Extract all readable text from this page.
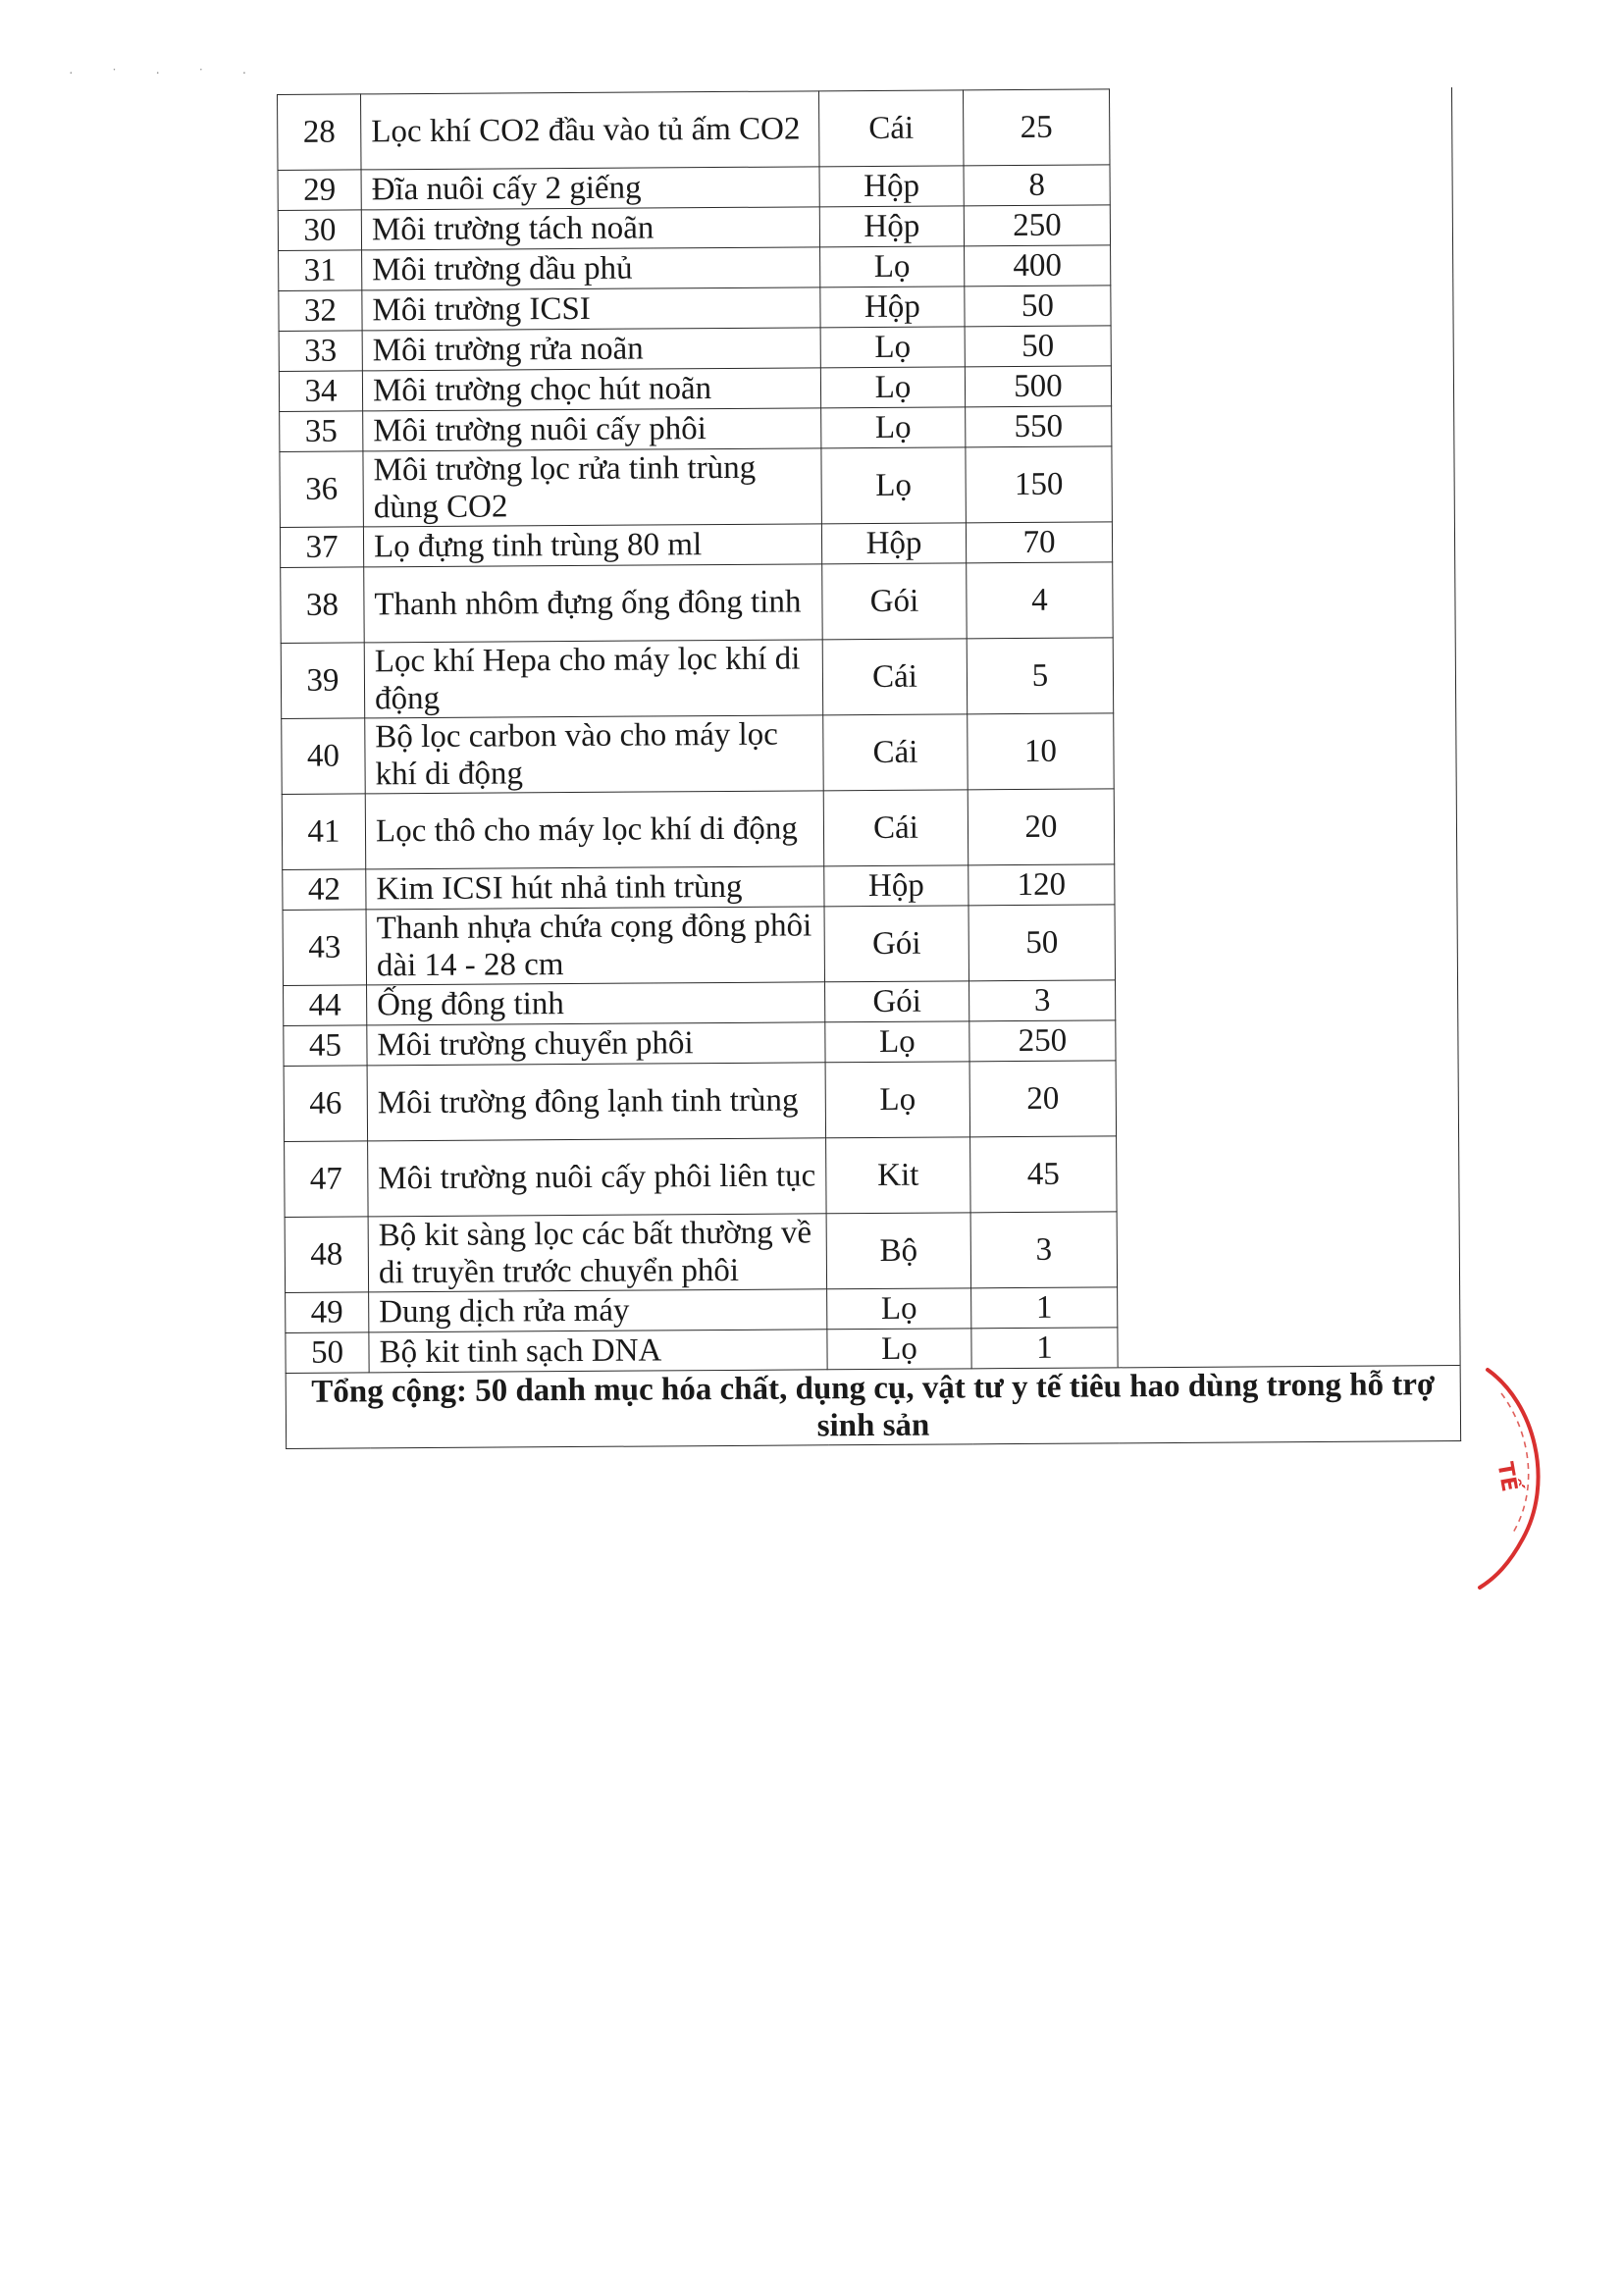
· ˙ · ˙ ·
28	Lọc khí CO2 đầu vào tủ ấm CO2	Cái	25	
29	Đĩa nuôi cấy 2 giếng	Hộp	8	
30	Môi trường tách noãn	Hộp	250	
31	Môi trường dầu phủ	Lọ	400	
32	Môi trường ICSI	Hộp	50	
33	Môi trường rửa noãn	Lọ	50	
34	Môi trường chọc hút noãn	Lọ	500	
35	Môi trường nuôi cấy phôi	Lọ	550	
36	Môi trường lọc rửa tinh trùng dùng CO2	Lọ	150	
37	Lọ đựng tinh trùng 80 ml	Hộp	70	
38	Thanh nhôm đựng ống đông tinh	Gói	4	
39	Lọc khí Hepa cho máy lọc khí di động	Cái	5	
40	Bộ lọc carbon vào cho máy lọc khí di động	Cái	10	
41	Lọc thô cho máy lọc khí di động	Cái	20	
42	Kim ICSI hút nhả tinh trùng	Hộp	120	
43	Thanh nhựa chứa cọng đông phôi dài 14 - 28 cm	Gói	50	
44	Ống đông tinh	Gói	3	
45	Môi trường chuyển phôi	Lọ	250	
46	Môi trường đông lạnh tinh trùng	Lọ	20	
47	Môi trường nuôi cấy phôi liên tục	Kit	45	
48	Bộ kit sàng lọc các bất thường về di truyền trước chuyển phôi	Bộ	3	
49	Dung dịch rửa máy	Lọ	1	
50	Bộ kit tinh sạch DNA	Lọ	1	
Tổng cộng: 50 danh mục hóa chất, dụng cụ, vật tư y tế tiêu hao dùng trong hỗ trợ sinh sản				
TẾ
